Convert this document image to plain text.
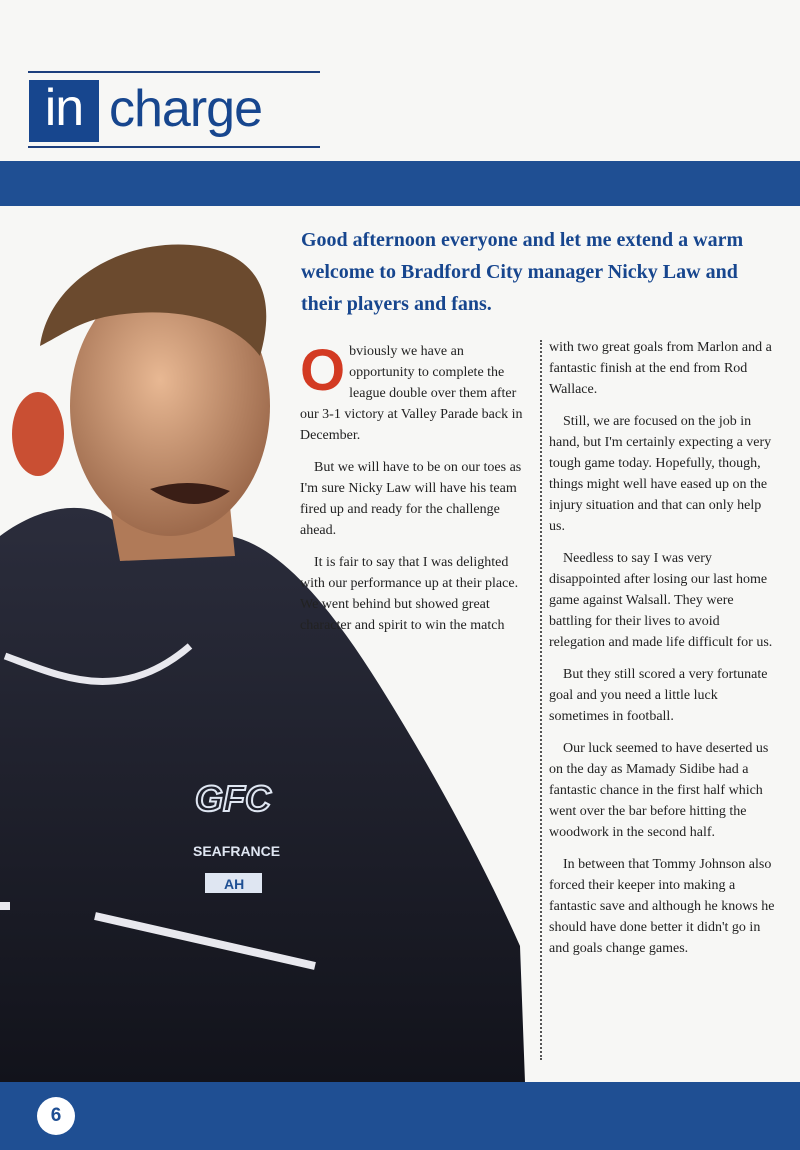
in charge
GFC
SEAFRANCE
AH

Good afternoon everyone and let me extend a warm welcome to Bradford City manager Nicky Law and their players and fans.

Obviously we have an opportunity to complete the league double over them after our 3-1 victory at Valley Parade back in December.

But we will have to be on our toes as I'm sure Nicky Law will have his team fired up and ready for the challenge ahead.

It is fair to say that I was delighted with our performance up at their place. We went behind but showed great character and spirit to win the match

with two great goals from Marlon and a fantastic finish at the end from Rod Wallace.

Still, we are focused on the job in hand, but I'm certainly expecting a very tough game today. Hopefully, though, things might well have eased up on the injury situation and that can only help us.

Needless to say I was very disappointed after losing our last home game against Walsall. They were battling for their lives to avoid relegation and made life difficult for us.

But they still scored a very fortunate goal and you need a little luck sometimes in football.

Our luck seemed to have deserted us on the day as Mamady Sidibe had a fantastic chance in the first half which went over the bar before hitting the woodwork in the second half.

In between that Tommy Johnson also forced their keeper into making a fantastic save and although he knows he should have done better it didn't go in and goals change games.

6
